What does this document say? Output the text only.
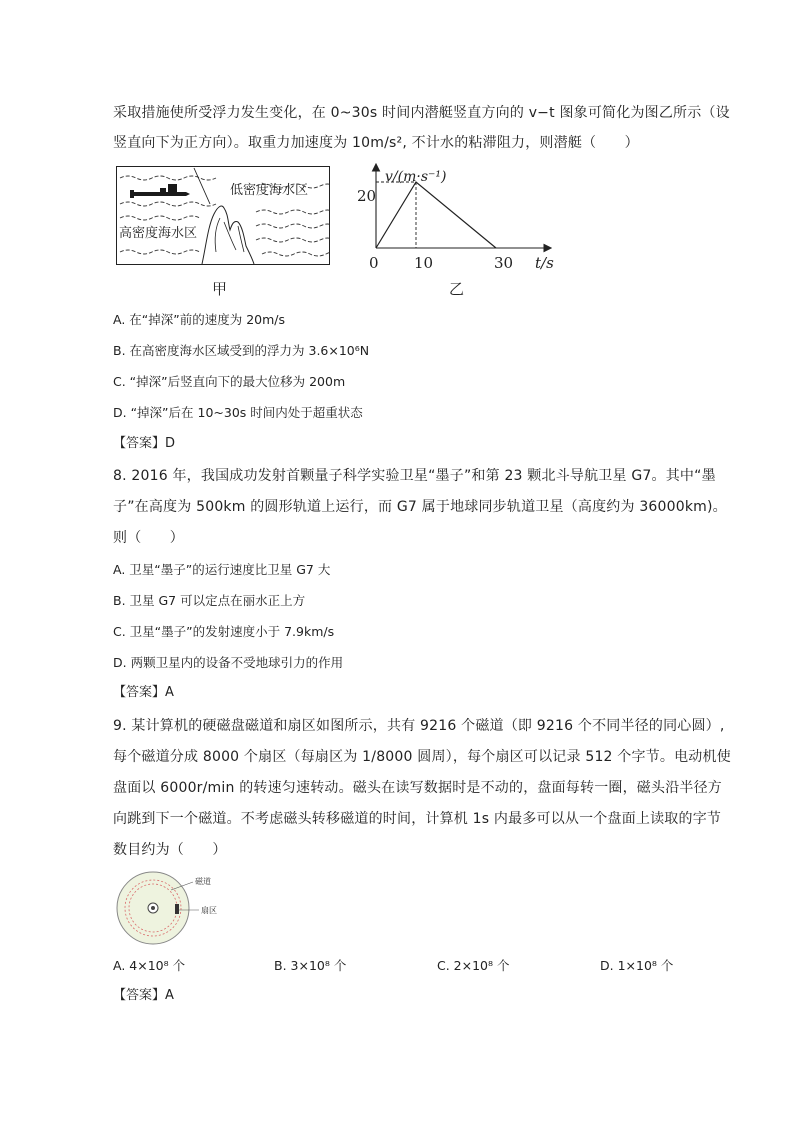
采取措施使所受浮力发生变化，在 0~30s 时间内潜艇竖直方向的 v−t 图象可简化为图乙所示（设
竖直向下为正方向）。取重力加速度为 10m/s², 不计水的粘滞阻力，则潜艇（　　）
低密度海水区
高密度海水区
甲
v/(m·s⁻¹)
t/s
20
0 10	30
乙
A. 在“掉深”前的速度为 20m/s
B. 在高密度海水区域受到的浮力为 3.6×10⁶N
C. “掉深”后竖直向下的最大位移为 200m
D. “掉深”后在 10~30s 时间内处于超重状态
【答案】D
8. 2016 年，我国成功发射首颗量子科学实验卫星“墨子”和第 23 颗北斗导航卫星 G7。其中“墨
子”在高度为 500km 的圆形轨道上运行，而 G7 属于地球同步轨道卫星（高度约为 36000km)。
则（　　）
A. 卫星“墨子”的运行速度比卫星 G7 大
B. 卫星 G7 可以定点在丽水正上方
C. 卫星“墨子”的发射速度小于 7.9km/s
D. 两颗卫星内的设备不受地球引力的作用
【答案】A
9. 某计算机的硬磁盘磁道和扇区如图所示，共有 9216 个磁道（即 9216 个不同半径的同心圆）,
每个磁道分成 8000 个扇区（每扇区为 1/8000 圆周），每个扇区可以记录 512 个字节。电动机使
盘面以 6000r/min 的转速匀速转动。磁头在读写数据时是不动的，盘面每转一圈，磁头沿半径方
向跳到下一个磁道。不考虑磁头转移磁道的时间，计算机 1s 内最多可以从一个盘面上读取的字节
数目约为（　　）
磁道
扇区
A. 4×10⁸ 个	B. 3×10⁸ 个	C. 2×10⁸ 个	D. 1×10⁸ 个
【答案】A
